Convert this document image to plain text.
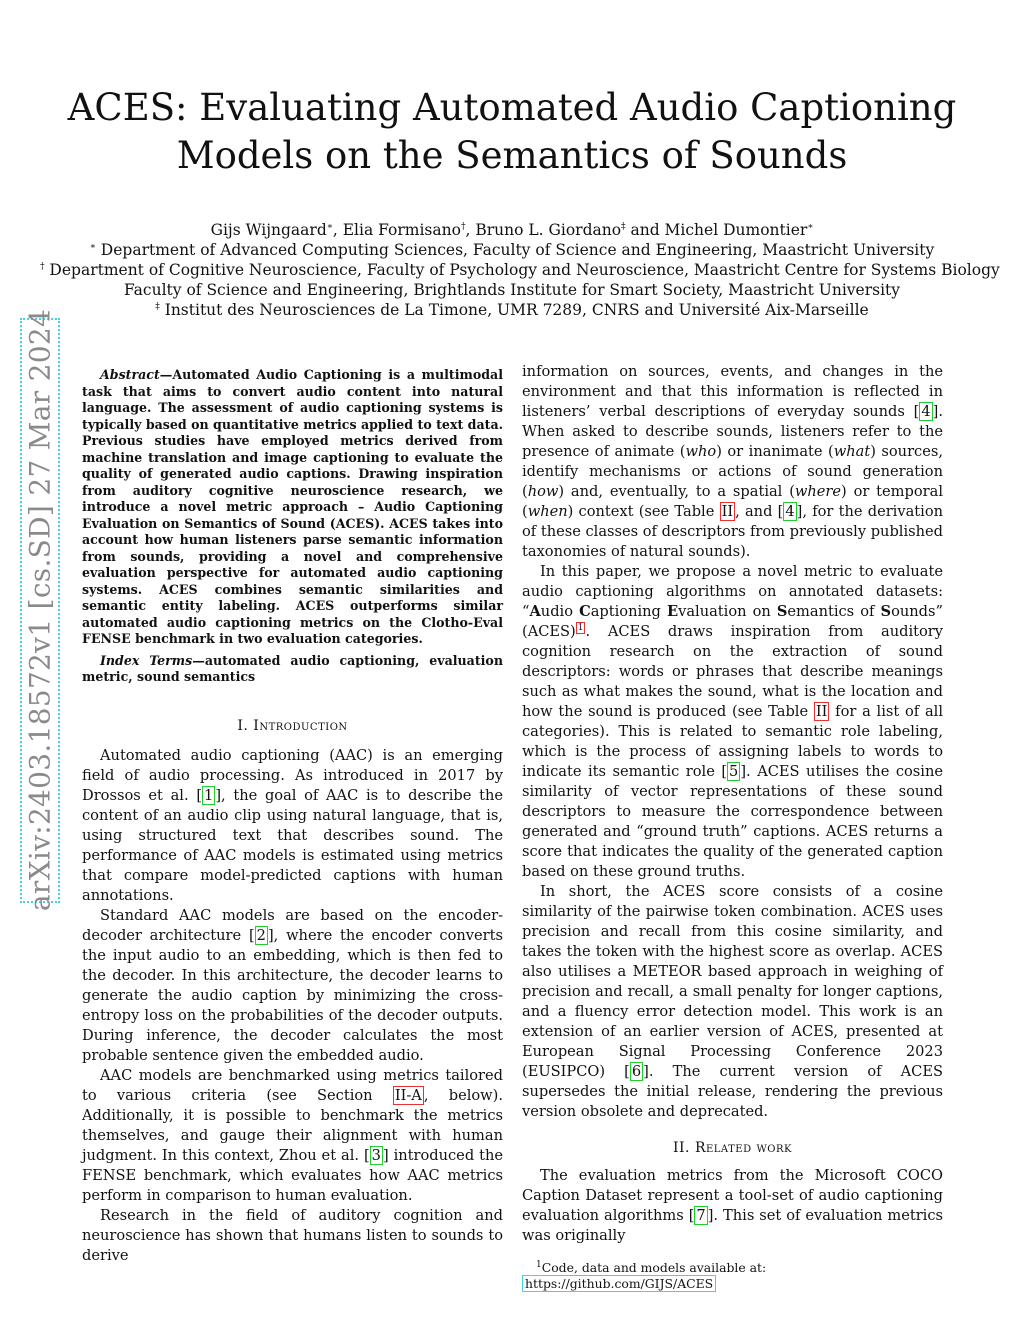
arXiv:2403.18572v1 [cs.SD] 27 Mar 2024
ACES: Evaluating Automated Audio Captioning
Models on the Semantics of Sounds
Gijs Wijngaard∗, Elia Formisano†, Bruno L. Giordano‡ and Michel Dumontier∗
∗ Department of Advanced Computing Sciences, Faculty of Science and Engineering, Maastricht University
† Department of Cognitive Neuroscience, Faculty of Psychology and Neuroscience, Maastricht Centre for Systems Biology
Faculty of Science and Engineering, Brightlands Institute for Smart Society, Maastricht University
‡ Institut des Neurosciences de La Timone, UMR 7289, CNRS and Université Aix-Marseille

Abstract—Automated Audio Captioning is a multimodal task that aims to convert audio content into natural language. The assessment of audio captioning systems is typically based on quantitative metrics applied to text data. Previous studies have employed metrics derived from machine translation and image captioning to evaluate the quality of generated audio captions. Drawing inspiration from auditory cognitive neuroscience research, we introduce a novel metric approach – Audio Captioning Evaluation on Semantics of Sound (ACES). ACES takes into account how human listeners parse semantic information from sounds, providing a novel and comprehensive evaluation perspective for automated audio captioning systems. ACES combines semantic similarities and semantic entity labeling. ACES outperforms similar automated audio captioning metrics on the Clotho-Eval FENSE benchmark in two evaluation categories.

Index Terms—automated audio captioning, evaluation metric, sound semantics

I. Introduction

Automated audio captioning (AAC) is an emerging field of audio processing. As introduced in 2017 by Drossos et al. [ 1 ], the goal of AAC is to describe the content of an audio clip using natural language, that is, using structured text that describes sound. The performance of AAC models is estimated using metrics that compare model-predicted captions with human annotations.

Standard AAC models are based on the encoder-decoder architecture [ 2 ], where the encoder converts the input audio to an embedding, which is then fed to the decoder. In this architecture, the decoder learns to generate the audio caption by minimizing the cross-entropy loss on the probabilities of the decoder outputs. During inference, the decoder calculates the most probable sentence given the embedded audio.

AAC models are benchmarked using metrics tailored to various criteria (see Section II-A , below). Additionally, it is possible to benchmark the metrics themselves, and gauge their alignment with human judgment. In this context, Zhou et al. [ 3 ] introduced the FENSE benchmark, which evaluates how AAC metrics perform in comparison to human evaluation.

Research in the field of auditory cognition and neuroscience has shown that humans listen to sounds to derive

information on sources, events, and changes in the environment and that this information is reflected in listeners’ verbal descriptions of everyday sounds [ 4 ]. When asked to describe sounds, listeners refer to the presence of animate (who) or inanimate (what) sources, identify mechanisms or actions of sound generation (how) and, eventually, to a spatial (where) or temporal (when) context (see Table II , and [ 4 ], for the derivation of these classes of descriptors from previously published taxonomies of natural sounds).

In this paper, we propose a novel metric to evaluate audio captioning algorithms on annotated datasets: “Audio Captioning Evaluation on Semantics of Sounds” (ACES) $^1$ . ACES draws inspiration from auditory cognition research on the extraction of sound descriptors: words or phrases that describe meanings such as what makes the sound, what is the location and how the sound is produced (see Table II for a list of all categories). This is related to semantic role labeling, which is the process of assigning labels to words to indicate its semantic role [ 5 ]. ACES utilises the cosine similarity of vector representations of these sound descriptors to measure the correspondence between generated and “ground truth” captions. ACES returns a score that indicates the quality of the generated caption based on these ground truths.

In short, the ACES score consists of a cosine similarity of the pairwise token combination. ACES uses precision and recall from this cosine similarity, and takes the token with the highest score as overlap. ACES also utilises a METEOR based approach in weighing of precision and recall, a small penalty for longer captions, and a fluency error detection model. This work is an extension of an earlier version of ACES, presented at European Signal Processing Conference 2023 (EUSIPCO) [ 6 ]. The current version of ACES supersedes the initial release, rendering the previous version obsolete and deprecated.

II. Related work

The evaluation metrics from the Microsoft COCO Caption Dataset represent a tool-set of audio captioning evaluation algorithms [ 7 ]. This set of evaluation metrics was originally

$^1$Code, data and models available at: https://github.com/GIJS/ACES
